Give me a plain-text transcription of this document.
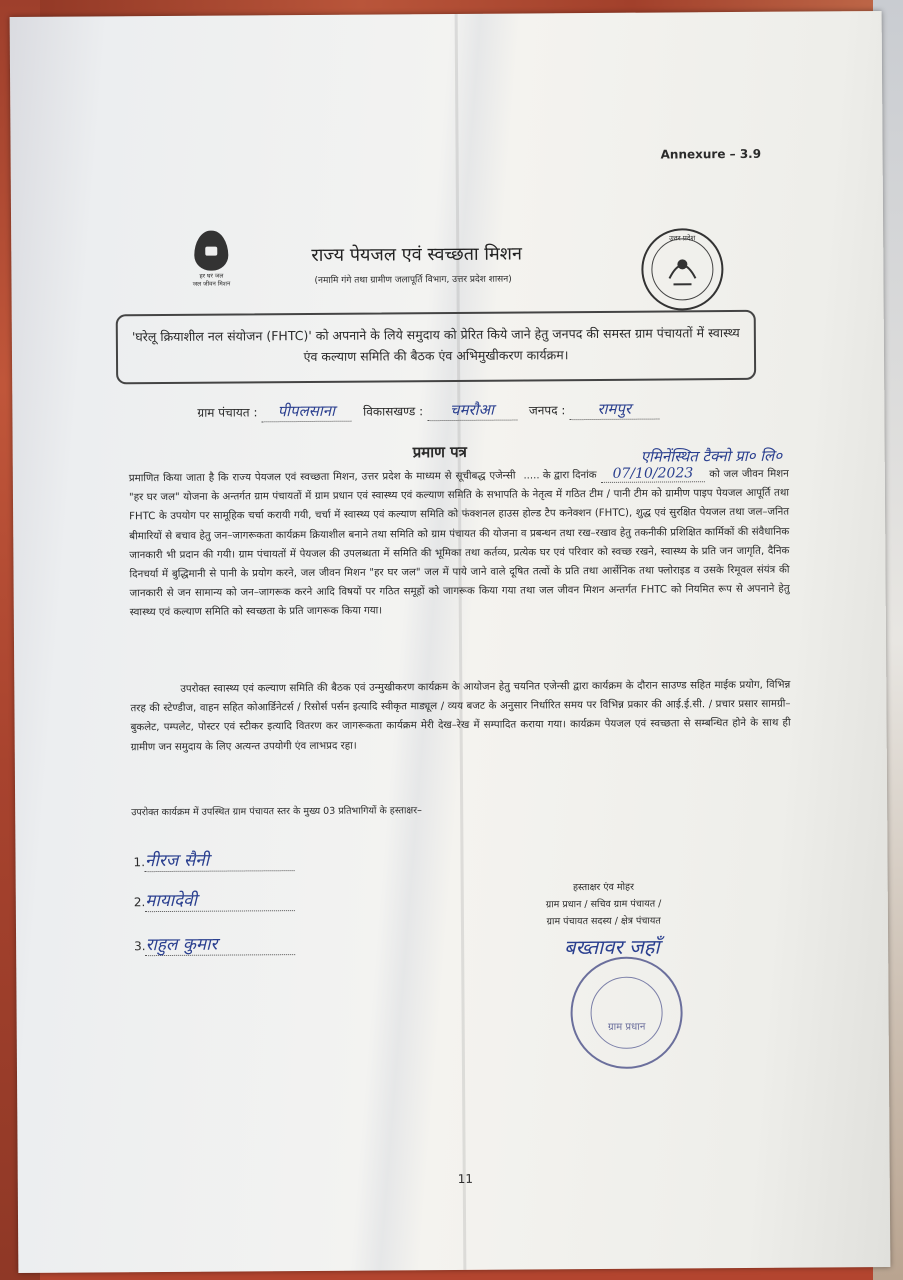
Annexure – 3.9
हर घर जल
जल जीवन मिशन
राज्य पेयजल एवं स्वच्छता मिशन
(नमामि गंगे तथा ग्रामीण जलापूर्ति विभाग, उत्तर प्रदेश शासन)
उत्तर प्रदेश
'घरेलू क्रियाशील नल संयोजन (FHTC)' को अपनाने के लिये समुदाय को प्रेरित किये जाने हेतु जनपद की समस्त ग्राम पंचायतों में स्वास्थ्य एंव कल्याण समिति की बैठक एंव अभिमुखीकरण कार्यक्रम।
ग्राम पंचायत : पीपलसाना विकासखण्ड : चमरौआ	जनपद : रामपुर
प्रमाण पत्र	एमिनेंस्थित टैक्नो प्रा० लि०
प्रमाणित किया जाता है कि राज्य पेयजल एवं स्वच्छता मिशन, उत्तर प्रदेश के माध्यम से सूचीबद्ध एजेन्सी ..... के द्वारा दिनांक 07/10/2023 को जल जीवन मिशन "हर घर जल" योजना के अन्तर्गत ग्राम पंचायतों में ग्राम प्रधान एवं स्वास्थ्य एवं कल्याण समिति के सभापति के नेतृत्व में गठित टीम / पानी टीम को ग्रामीण पाइप पेयजल आपूर्ति तथा FHTC के उपयोग पर सामूहिक चर्चा करायी गयी, चर्चा में स्वास्थ्य एवं कल्याण समिति को फंक्शनल हाउस होल्ड टैप कनेक्शन (FHTC), शुद्ध एवं सुरक्षित पेयजल तथा जल–जनित बीमारियों से बचाव हेतु जन–जागरूकता कार्यक्रम क्रियाशील बनाने तथा समिति को ग्राम पंचायत की योजना व प्रबन्धन तथा रख–रखाव हेतु तकनीकी प्रशिक्षित कार्मिकों की संवैधानिक जानकारी भी प्रदान की गयी। ग्राम पंचायतों में पेयजल की उपलब्धता में समिति की भूमिका तथा कर्तव्य, प्रत्येक घर एवं परिवार को स्वच्छ रखने, स्वास्थ्य के प्रति जन जागृति, दैनिक दिनचर्या में बुद्धिमानी से पानी के प्रयोग करने, जल जीवन मिशन "हर घर जल" जल में पाये जाने वाले दूषित तत्वों के प्रति तथा आर्सेनिक तथा फ्लोराइड व उसके रिमूवल संयंत्र की जानकारी से जन सामान्य को जन–जागरूक करने आदि विषयों पर गठित समूहों को जागरूक किया गया तथा जल जीवन मिशन अन्तर्गत FHTC को नियमित रूप से अपनाने हेतु स्वास्थ्य एवं कल्याण समिति को स्वच्छता के प्रति जागरूक किया गया।
उपरोक्त स्वास्थ्य एवं कल्याण समिति की बैठक एवं उन्मुखीकरण कार्यक्रम के आयोजन हेतु चयनित एजेन्सी द्वारा कार्यक्रम के दौरान साउण्ड सहित माईक प्रयोग, विभिन्न तरह की स्टेण्डीज, वाहन सहित कोआर्डिनेटर्स / रिसोर्स पर्सन इत्यादि स्वीकृत माड्यूल / व्यय बजट के अनुसार निर्धारित समय पर विभिन्न प्रकार की आई.ई.सी. / प्रचार प्रसार सामग्री–बुकलेट, पम्पलेट, पोस्टर एवं स्टीकर इत्यादि वितरण कर जागरूकता कार्यक्रम मेरी देख–रेख में सम्पादित कराया गया। कार्यक्रम पेयजल एवं स्वच्छता से सम्बन्धित होने के साथ ही ग्रामीण जन समुदाय के लिए अत्यन्त उपयोगी एंव लाभप्रद रहा।
उपरोक्त कार्यक्रम में उपस्थित ग्राम पंचायत स्तर के मुख्य 03 प्रतिभागियों के हस्ताक्षर–
1.नीरज सैनी
2.मायादेवी
3.राहुल कुमार
हस्ताक्षर एंव मोहर
ग्राम प्रधान / सचिव ग्राम पंचायत /
ग्राम पंचायत सदस्य / क्षेत्र पंचायत
बख्तावर जहाँ
ग्राम प्रधान
11
